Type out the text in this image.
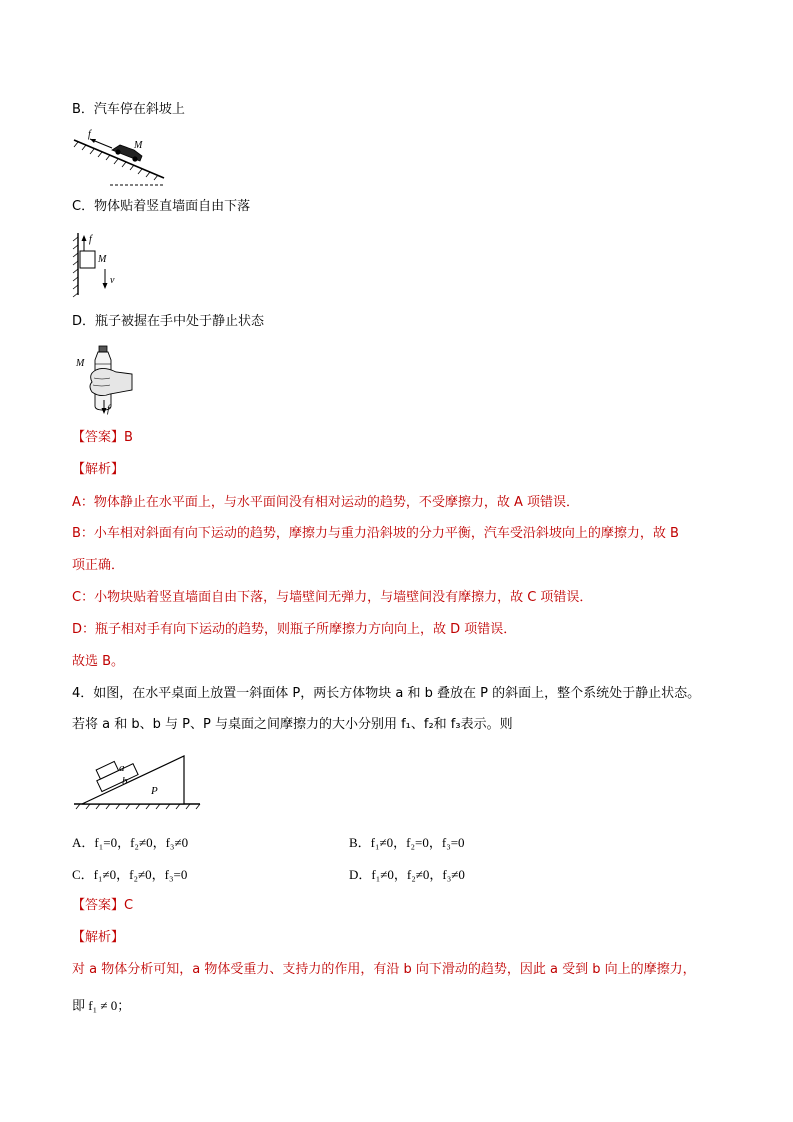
B．汽车停在斜坡上
f
M
C．物体贴着竖直墙面自由下落
f
M
v
D．瓶子被握在手中处于静止状态
M
f
【答案】B
【解析】
A：物体静止在水平面上，与水平面间没有相对运动的趋势，不受摩擦力，故 A 项错误．
B：小车相对斜面有向下运动的趋势，摩擦力与重力沿斜坡的分力平衡，汽车受沿斜坡向上的摩擦力，故 B
项正确．
C：小物块贴着竖直墙面自由下落，与墙壁间无弹力，与墙壁间没有摩擦力，故 C 项错误．
D：瓶子相对手有向下运动的趋势，则瓶子所摩擦力方向向上，故 D 项错误．
故选 B。
4．如图，在水平桌面上放置一斜面体 P，两长方体物块 a 和 b 叠放在 P 的斜面上，整个系统处于静止状态。
若将 a 和 b、b 与 P、P 与桌面之间摩擦力的大小分别用 f₁、f₂和 f₃表示。则
a
b
P
A．f₁=0，f₂≠0，f₃≠0	B．f₁≠0，f₂=0，f₃=0
C．f₁≠0，f₂≠0，f₃=0	D．f₁≠0，f₂≠0，f₃≠0
【答案】C
【解析】
对 a 物体分析可知，a 物体受重力、支持力的作用，有沿 b 向下滑动的趋势，因此 a 受到 b 向上的摩擦力，
即 f₁ ≠ 0；
